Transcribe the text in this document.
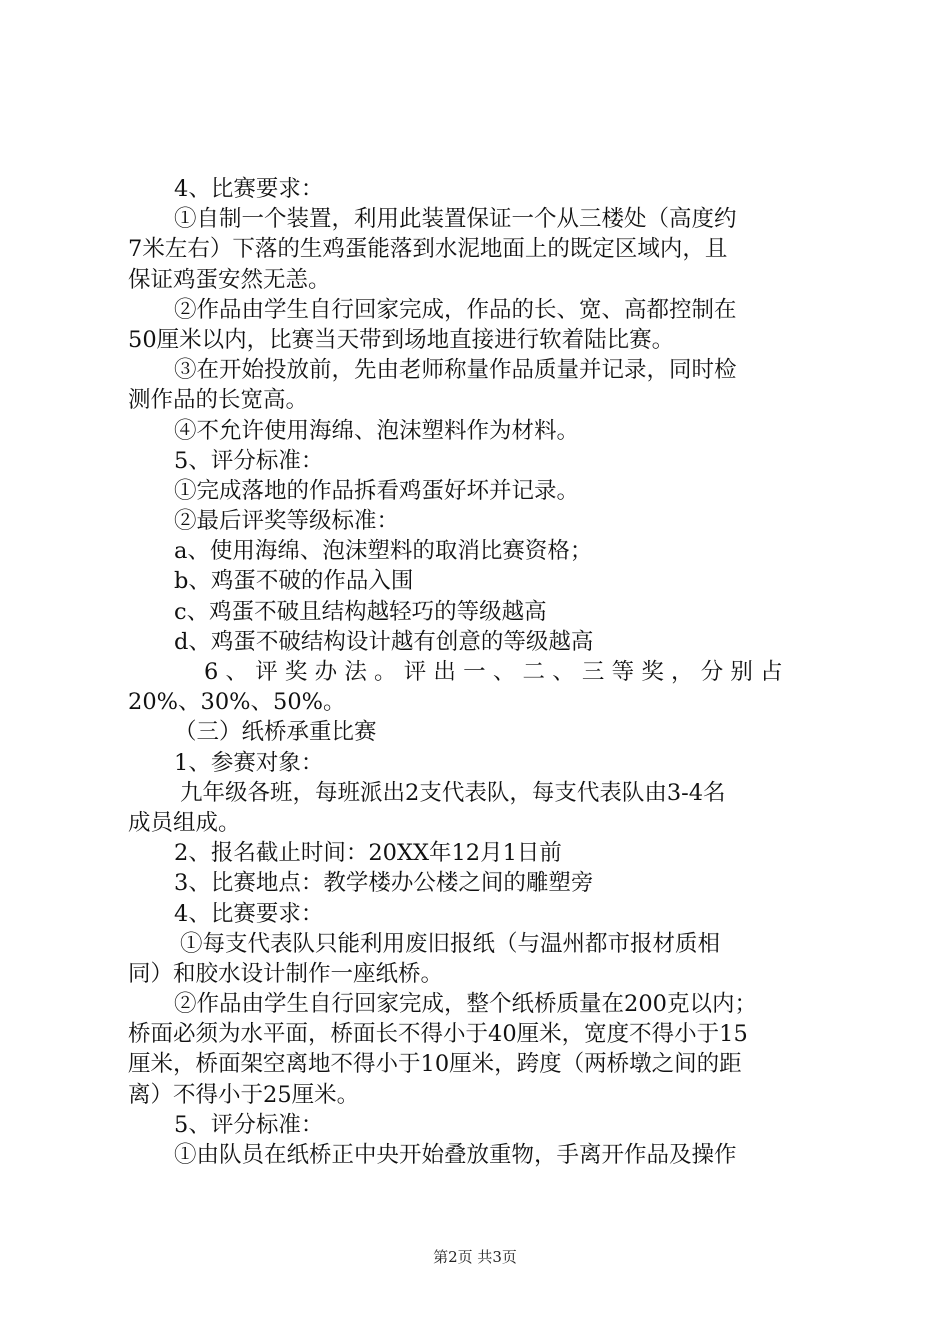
4、比赛要求：
①自制一个装置，利用此装置保证一个从三楼处（高度约
7米左右）下落的生鸡蛋能落到水泥地面上的既定区域内，且
保证鸡蛋安然无恙。
②作品由学生自行回家完成，作品的长、宽、高都控制在
50厘米以内，比赛当天带到场地直接进行软着陆比赛。
③在开始投放前，先由老师称量作品质量并记录，同时检
测作品的长宽高。
④不允许使用海绵、泡沫塑料作为材料。
5、评分标准：
①完成落地的作品拆看鸡蛋好坏并记录。
②最后评奖等级标准：
a、使用海绵、泡沫塑料的取消比赛资格；
b、鸡蛋不破的作品入围
c、鸡蛋不破且结构越轻巧的等级越高
d、鸡蛋不破结构设计越有创意的等级越高
6、评奖办法。评出一、二、三等奖，分别占
20%、30%、50%。
（三）纸桥承重比赛
1、参赛对象：
九年级各班，每班派出2支代表队，每支代表队由3-4名
成员组成。
2、报名截止时间：20XX年12月1日前
3、比赛地点：教学楼办公楼之间的雕塑旁
4、比赛要求：
①每支代表队只能利用废旧报纸（与温州都市报材质相
同）和胶水设计制作一座纸桥。
②作品由学生自行回家完成，整个纸桥质量在200克以内；
桥面必须为水平面，桥面长不得小于40厘米，宽度不得小于15
厘米，桥面架空离地不得小于10厘米，跨度（两桥墩之间的距
离）不得小于25厘米。
5、评分标准：
①由队员在纸桥正中央开始叠放重物，手离开作品及操作
第2页 共3页
